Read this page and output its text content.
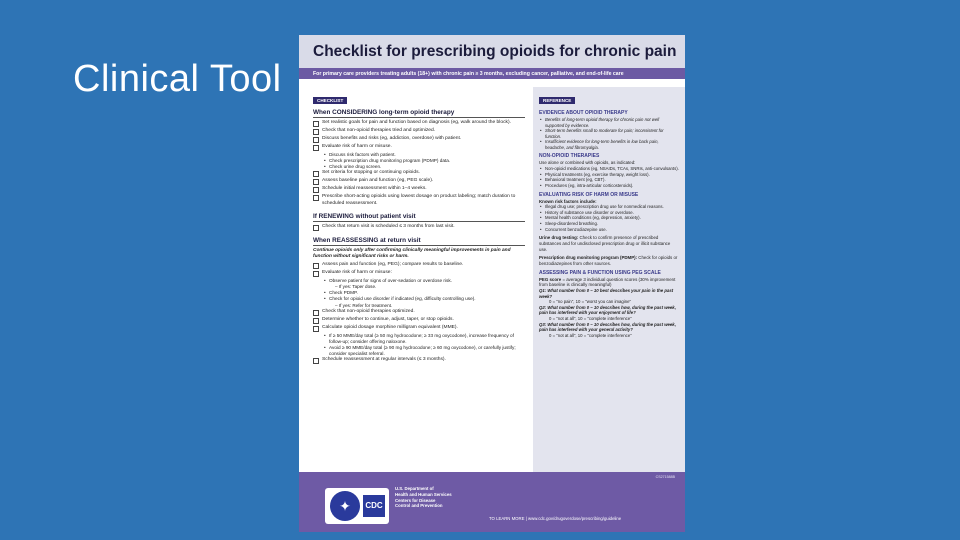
Clinical Tool
Checklist for prescribing opioids for chronic pain
For primary care providers treating adults (18+) with chronic pain ≥ 3 months, excluding cancer, palliative, and end-of-life care
CHECKLIST
When CONSIDERING long-term opioid therapy
Set realistic goals for pain and function based on diagnosis (eg, walk around the block).
Check that non-opioid therapies tried and optimized.
Discuss benefits and risks (eg, addiction, overdose) with patient.
Evaluate risk of harm or misuse.
• Discuss risk factors with patient.
• Check prescription drug monitoring program (PDMP) data.
• Check urine drug screen.
Set criteria for stopping or continuing opioids.
Assess baseline pain and function (eg, PEG scale).
Schedule initial reassessment within 1–4 weeks.
Prescribe short-acting opioids using lowest dosage on product labeling; match duration to scheduled reassessment.
If RENEWING without patient visit
Check that return visit is scheduled ≤ 3 months from last visit.
When REASSESSING at return visit
Continue opioids only after confirming clinically meaningful improvements in pain and function without significant risks or harm.
Assess pain and function (eg, PEG); compare results to baseline.
Evaluate risk of harm or misuse:
• Observe patient for signs of over-sedation or overdose risk.
– If yes: Taper dose.
• Check PDMP.
• Check for opioid use disorder if indicated (eg, difficulty controlling use).
– If yes: Refer for treatment.
Check that non-opioid therapies optimized.
Determine whether to continue, adjust, taper, or stop opioids.
Calculate opioid dosage morphine milligram equivalent (MME).
• If ≥ 50 MME/day total (≥ 50 mg hydrocodone; ≥ 33 mg oxycodone), increase frequency of follow-up; consider offering naloxone.
• Avoid ≥ 90 MME/day total (≥ 90 mg hydrocodone; ≥ 60 mg oxycodone), or carefully justify; consider specialist referral.
Schedule reassessment at regular intervals (≤ 3 months).
REFERENCE
EVIDENCE ABOUT OPIOID THERAPY
• Benefits of long-term opioid therapy for chronic pain not well supported by evidence.
• Short-term benefits small to moderate for pain; inconsistent for function.
• Insufficient evidence for long-term benefits in low back pain, headache, and fibromyalgia.
NON-OPIOID THERAPIES
Use alone or combined with opioids, as indicated:
• Non-opioid medications (eg, NSAIDs, TCAs, SNRIs, anti-convulsants).
• Physical treatments (eg, exercise therapy, weight loss).
• Behavioral treatment (eg, CBT).
• Procedures (eg, intra-articular corticosteroids).
EVALUATING RISK OF HARM OR MISUSE
Known risk factors include:
• Illegal drug use; prescription drug use for nonmedical reasons.
• History of substance use disorder or overdose.
• Mental health conditions (eg, depression, anxiety).
• Sleep-disordered breathing.
• Concurrent benzodiazepine use.
Urine drug testing: Check to confirm presence of prescribed substances and for undisclosed prescription drug or illicit substance use.
Prescription drug monitoring program (PDMP): Check for opioids or benzodiazepines from other sources.
ASSESSING PAIN & FUNCTION USING PEG SCALE
PEG score = average 3 individual question scores (30% improvement from baseline is clinically meaningful)
Q1: What number from 0 – 10 best describes your pain in the past week?
0 = “no pain”, 10 = “worst you can imagine”
Q2: What number from 0 – 10 describes how, during the past week, pain has interfered with your enjoyment of life?
0 = “not at all”, 10 = “complete interference”
Q3: What number from 0 – 10 describes how, during the past week, pain has interfered with your general activity?
0 = “not at all”, 10 = “complete interference”
CS271588B
✦	CDC
U.S. Department of
Health and Human Services
Centers for Disease
Control and Prevention
TO LEARN MORE | www.cdc.gov/drugoverdose/prescribing/guideline
